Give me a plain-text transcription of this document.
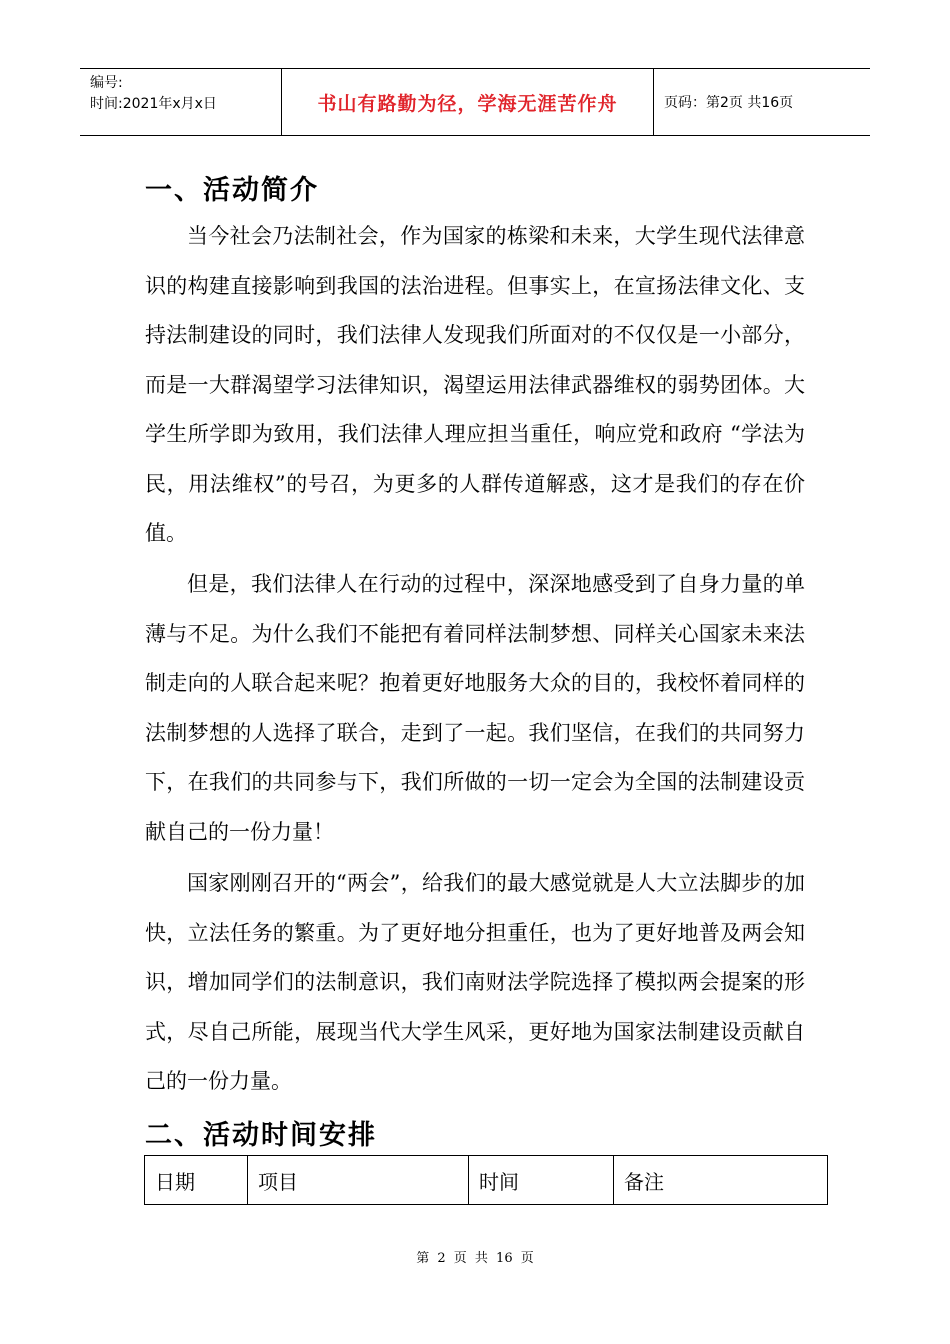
编号:
时间:2021年x月x日	书山有路勤为径，学海无涯苦作舟	页码：第2页 共16页
一、活动简介

当今社会乃法制社会，作为国家的栋梁和未来，大学生现代法律意识的构建直接影响到我国的法治进程。但事实上，在宣扬法律文化、支持法制建设的同时，我们法律人发现我们所面对的不仅仅是一小部分，而是一大群渴望学习法律知识，渴望运用法律武器维权的弱势团体。大学生所学即为致用，我们法律人理应担当重任，响应党和政府 “学法为民，用法维权”的号召，为更多的人群传道解惑，这才是我们的存在价值。

但是，我们法律人在行动的过程中，深深地感受到了自身力量的单薄与不足。为什么我们不能把有着同样法制梦想、同样关心国家未来法制走向的人联合起来呢？抱着更好地服务大众的目的，我校怀着同样的法制梦想的人选择了联合，走到了一起。我们坚信，在我们的共同努力下，在我们的共同参与下，我们所做的一切一定会为全国的法制建设贡献自己的一份力量！

国家刚刚召开的“两会”，给我们的最大感觉就是人大立法脚步的加快，立法任务的繁重。为了更好地分担重任，也为了更好地普及两会知识，增加同学们的法制意识，我们南财法学院选择了模拟两会提案的形式，尽自己所能，展现当代大学生风采，更好地为国家法制建设贡献自己的一份力量。

二、活动时间安排
日期	项目	时间	备注
第 2 页 共 16 页
